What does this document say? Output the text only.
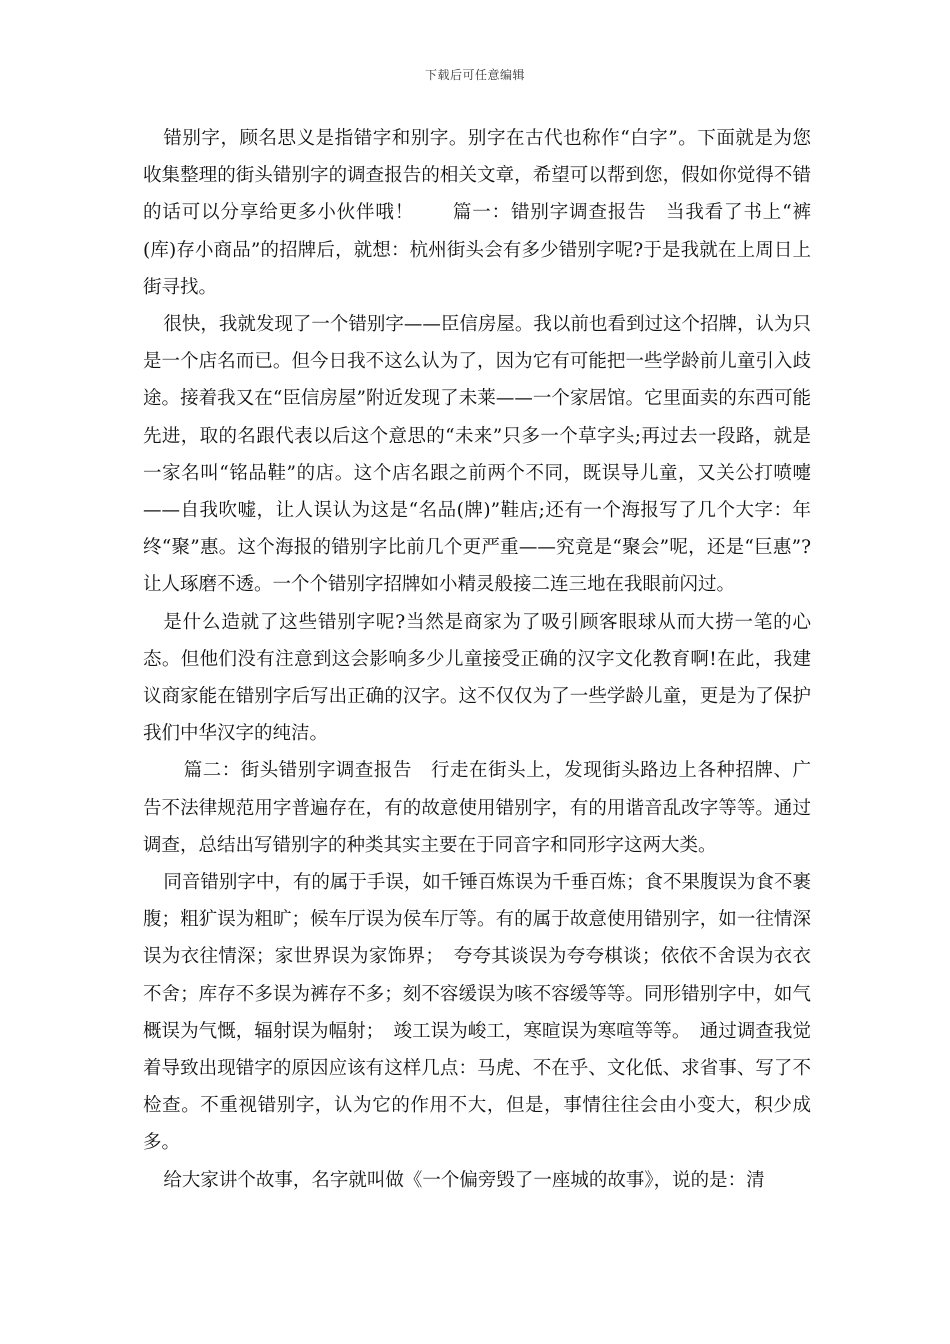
下载后可任意编辑

错别字，顾名思义是指错字和别字。别字在古代也称作“白字”。下面就是为您收集整理的街头错别字的调查报告的相关文章，希望可以帮到您，假如你觉得不错的话可以分享给更多小伙伴哦！　　篇一：错别字调查报告　当我看了书上“裤(库)存小商品”的招牌后，就想：杭州街头会有多少错别字呢?于是我就在上周日上街寻找。

很快，我就发现了一个错别字——臣信房屋。我以前也看到过这个招牌，认为只是一个店名而已。但今日我不这么认为了，因为它有可能把一些学龄前儿童引入歧途。接着我又在“臣信房屋”附近发现了未莱——一个家居馆。它里面卖的东西可能先进，取的名跟代表以后这个意思的“未来”只多一个草字头;再过去一段路，就是一家名叫“铭品鞋”的店。这个店名跟之前两个不同，既误导儿童，又关公打喷嚏——自我吹嘘，让人误认为这是“名品(牌)”鞋店;还有一个海报写了几个大字：年终“聚”惠。这个海报的错别字比前几个更严重——究竟是“聚会”呢，还是“巨惠”?让人琢磨不透。一个个错别字招牌如小精灵般接二连三地在我眼前闪过。

是什么造就了这些错别字呢?当然是商家为了吸引顾客眼球从而大捞一笔的心态。但他们没有注意到这会影响多少儿童接受正确的汉字文化教育啊!在此，我建议商家能在错别字后写出正确的汉字。这不仅仅为了一些学龄儿童，更是为了保护我们中华汉字的纯洁。

篇二：街头错别字调查报告　行走在街头上，发现街头路边上各种招牌、广告不法律规范用字普遍存在，有的故意使用错别字，有的用谐音乱改字等等。通过调查，总结出写错别字的种类其实主要在于同音字和同形字这两大类。

同音错别字中，有的属于手误，如千锤百炼误为千垂百炼；食不果腹误为食不裹腹；粗犷误为粗旷；候车厅误为侯车厅等。有的属于故意使用错别字，如一往情深误为衣往情深；家世界误为家饰界；　夸夸其谈误为夸夸棋谈；依依不舍误为衣衣不舍；库存不多误为裤存不多；刻不容缓误为咳不容缓等等。同形错别字中，如气概误为气慨，辐射误为幅射；　竣工误为峻工，寒暄误为寒喧等等。　通过调查我觉着导致出现错字的原因应该有这样几点：马虎、不在乎、文化低、求省事、写了不检查。不重视错别字，认为它的作用不大，但是，事情往往会由小变大，积少成多。

给大家讲个故事，名字就叫做《一个偏旁毁了一座城的故事》，说的是：清
